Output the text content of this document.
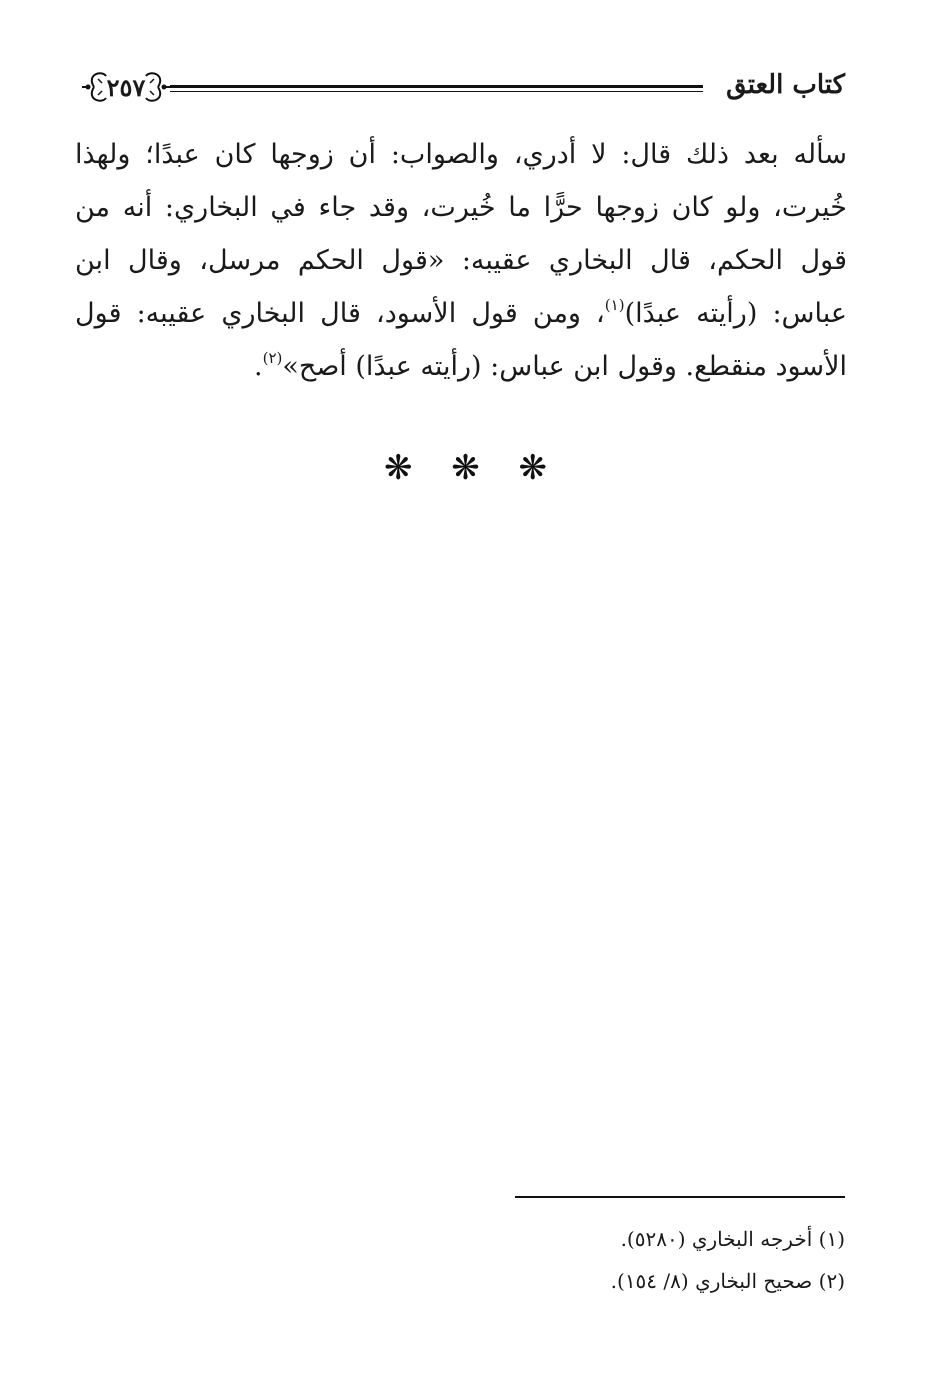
كتاب العتق
٢٥٧

سأله بعد ذلك قال: لا أدري، والصواب: أن زوجها كان عبدًا؛ ولهذا خُيرت، ولو كان زوجها حرًّا ما خُيرت، وقد جاء في البخاري: أنه من قول الحكم، قال البخاري عقيبه: «قول الحكم مرسل، وقال ابن عباس: (رأيته عبدًا)$^{(١)}$، ومن قول الأسود، قال البخاري عقيبه: قول الأسود منقطع. وقول ابن عباس: (رأيته عبدًا) أصح»$^{(٢)}$.

❋ ❋ ❋
(١) أخرجه البخاري (٥٢٨٠).
(٢) صحيح البخاري (٨/ ١٥٤).
